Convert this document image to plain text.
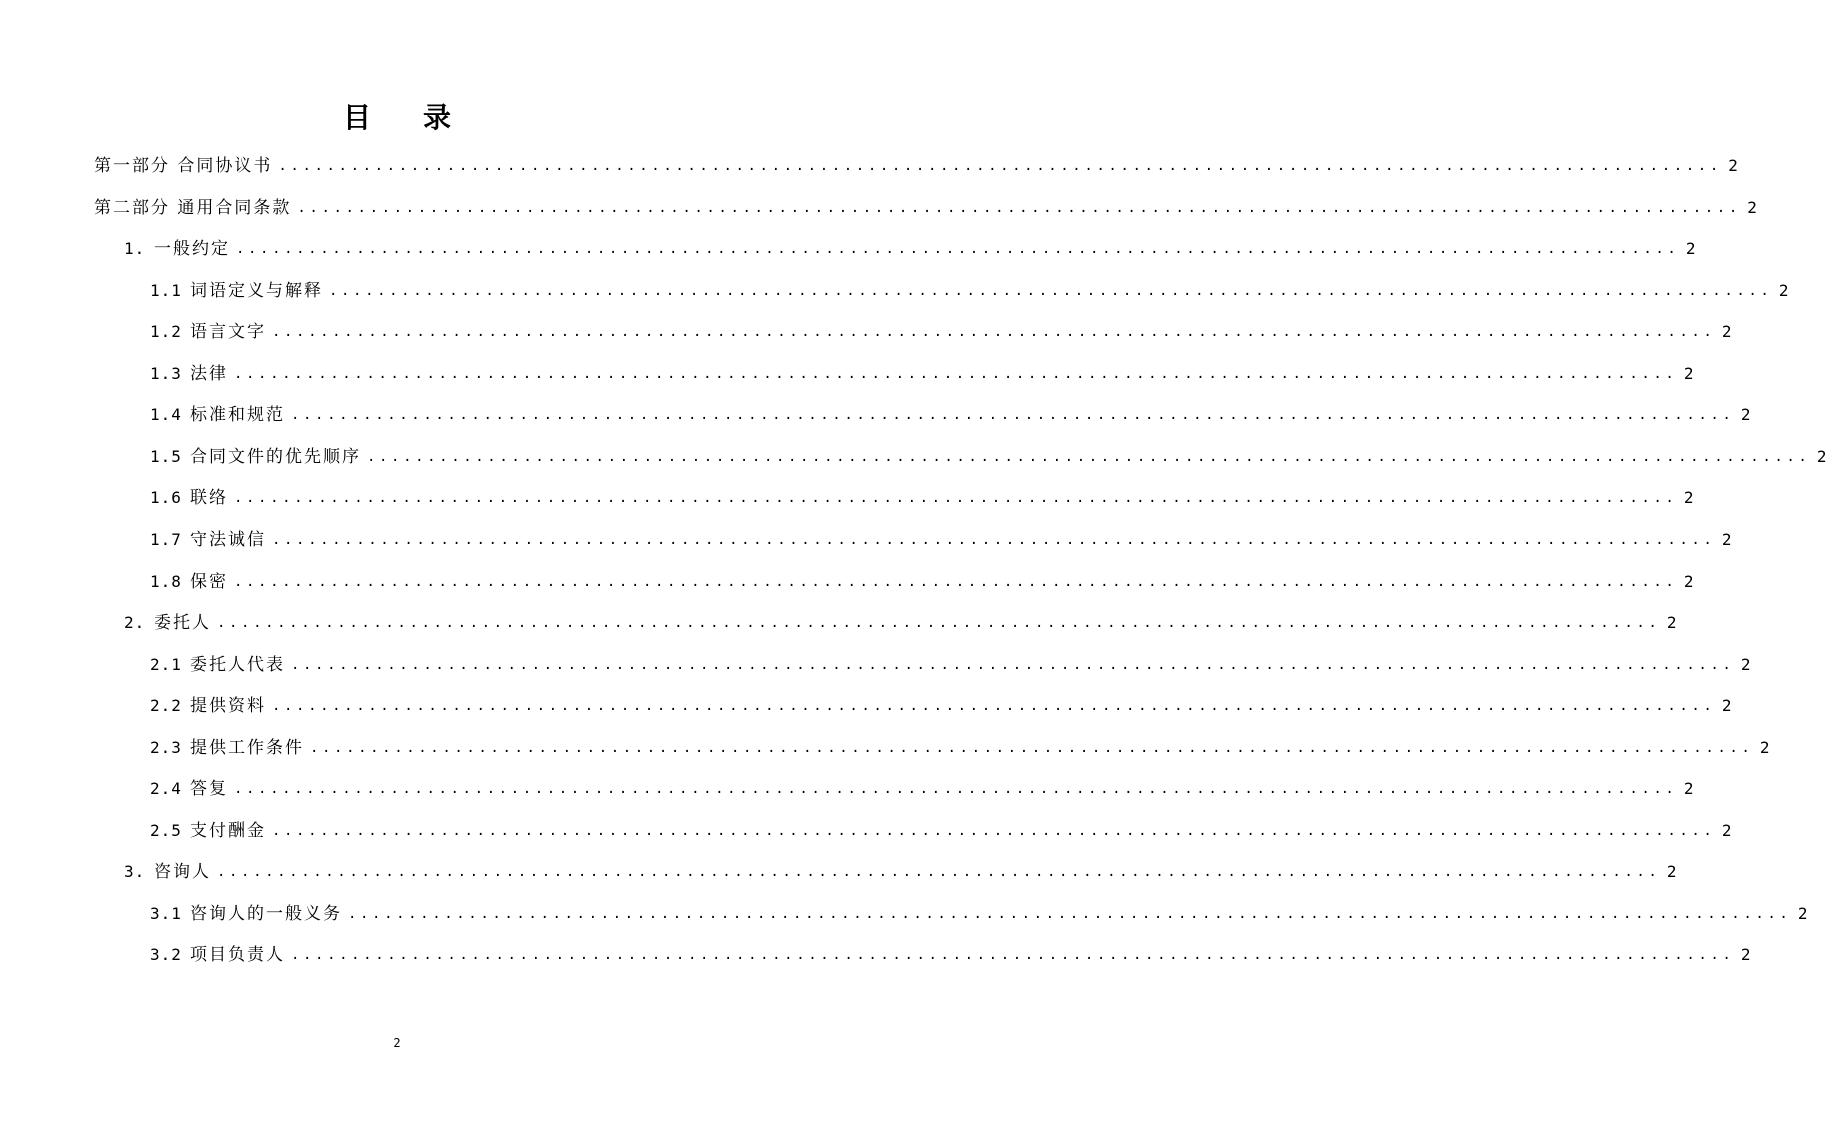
目 录
第一部分 合同协议书 ........................................................................................................................ 2
第二部分 通用合同条款 ........................................................................................................................ 2
1. 一般约定 ........................................................................................................................ 2
1.1 词语定义与解释 ........................................................................................................................ 2
1.2 语言文字 ........................................................................................................................ 2
1.3 法律 ........................................................................................................................ 2
1.4 标准和规范 ........................................................................................................................ 2
1.5 合同文件的优先顺序 ........................................................................................................................ 2
1.6 联络 ........................................................................................................................ 2
1.7 守法诚信 ........................................................................................................................ 2
1.8 保密 ........................................................................................................................ 2
2. 委托人 ........................................................................................................................ 2
2.1 委托人代表 ........................................................................................................................ 2
2.2 提供资料 ........................................................................................................................ 2
2.3 提供工作条件 ........................................................................................................................ 2
2.4 答复 ........................................................................................................................ 2
2.5 支付酬金 ........................................................................................................................ 2
3. 咨询人 ........................................................................................................................ 2
3.1 咨询人的一般义务 ........................................................................................................................ 2
3.2 项目负责人 ........................................................................................................................ 2
2
